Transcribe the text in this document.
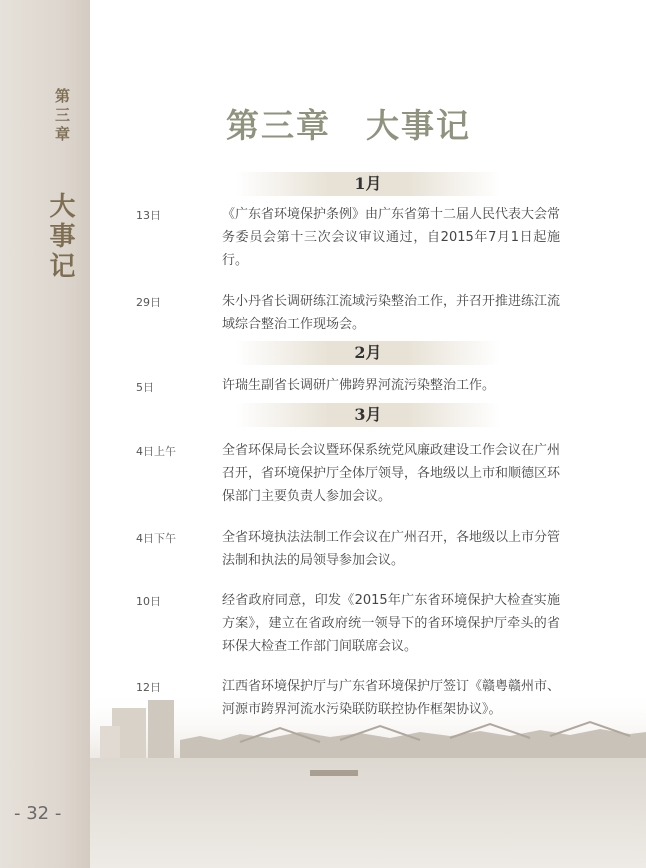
第三章
大事记
- 32 -
第三章　大事记
1月
13日	《广东省环境保护条例》由广东省第十二届人民代表大会常务委员会第十三次会议审议通过，自2015年7月1日起施行。
29日	朱小丹省长调研练江流域污染整治工作，并召开推进练江流域综合整治工作现场会。
2月
5日	许瑞生副省长调研广佛跨界河流污染整治工作。
3月
4日上午	全省环保局长会议暨环保系统党风廉政建设工作会议在广州召开，省环境保护厅全体厅领导，各地级以上市和顺德区环保部门主要负责人参加会议。
4日下午	全省环境执法法制工作会议在广州召开，各地级以上市分管法制和执法的局领导参加会议。
10日	经省政府同意，印发《2015年广东省环境保护大检查实施方案》，建立在省政府统一领导下的省环境保护厅牵头的省环保大检查工作部门间联席会议。
12日	江西省环境保护厅与广东省环境保护厅签订《赣粤赣州市、河源市跨界河流水污染联防联控协作框架协议》。
